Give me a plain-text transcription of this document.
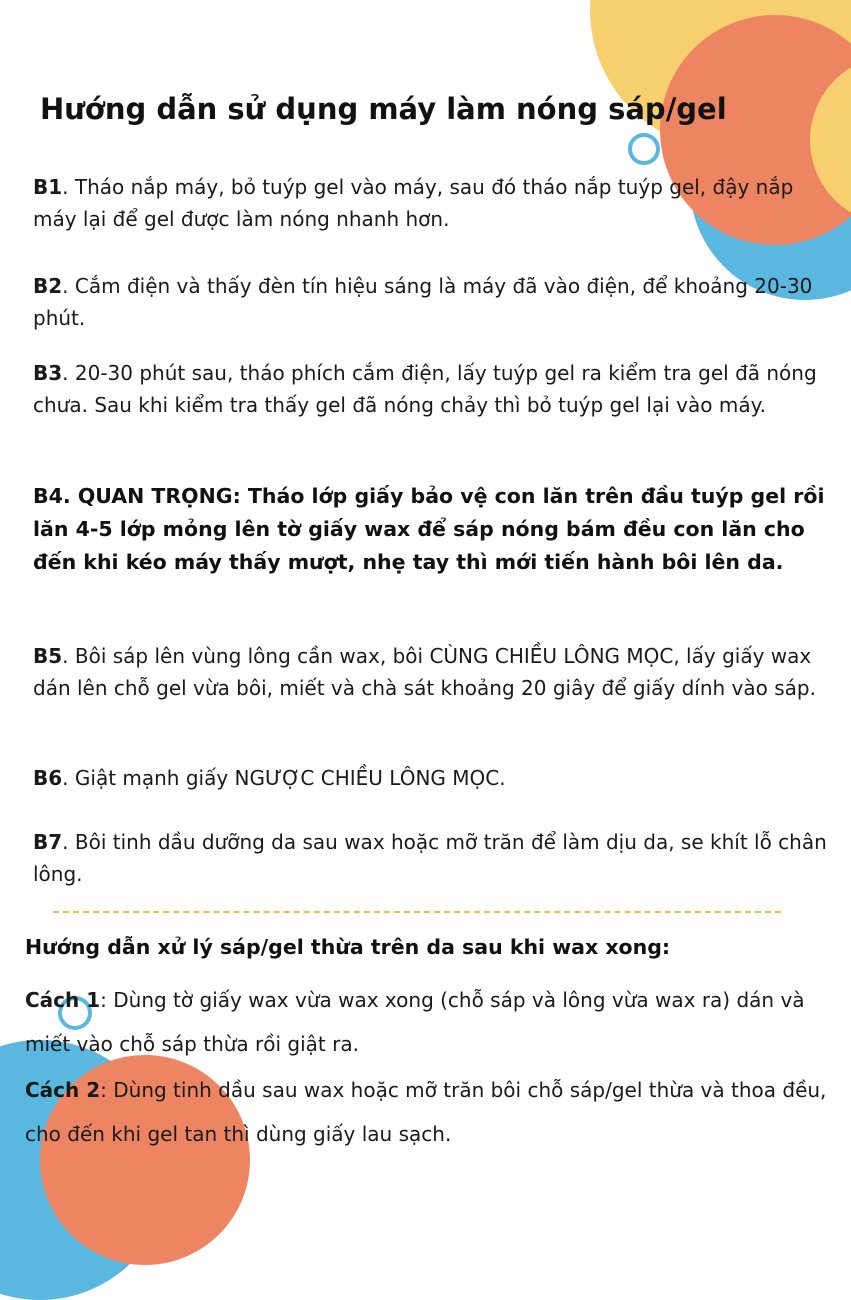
Hướng dẫn sử dụng máy làm nóng sáp/gel

B1. Tháo nắp máy, bỏ tuýp gel vào máy, sau đó tháo nắp tuýp gel, đậy nắp máy lại để gel được làm nóng nhanh hơn.

B2. Cắm điện và thấy đèn tín hiệu sáng là máy đã vào điện, để khoảng 20-30 phút.

B3. 20-30 phút sau, tháo phích cắm điện, lấy tuýp gel ra kiểm tra gel đã nóng chưa. Sau khi kiểm tra thấy gel đã nóng chảy thì bỏ tuýp gel lại vào máy.

B4. QUAN TRỌNG: Tháo lớp giấy bảo vệ con lăn trên đầu tuýp gel rồi lăn 4-5 lớp mỏng lên tờ giấy wax để sáp nóng bám đều con lăn cho đến khi kéo máy thấy mượt, nhẹ tay thì mới tiến hành bôi lên da.

B5. Bôi sáp lên vùng lông cần wax, bôi CÙNG CHIỀU LÔNG MỌC, lấy giấy wax dán lên chỗ gel vừa bôi, miết và chà sát khoảng 20 giây để giấy dính vào sáp.

B6. Giật mạnh giấy NGƯỢC CHIỀU LÔNG MỌC.

B7. Bôi tinh dầu dưỡng da sau wax hoặc mỡ trăn để làm dịu da, se khít lỗ chân lông.

Hướng dẫn xử lý sáp/gel thừa trên da sau khi wax xong:

Cách 1: Dùng tờ giấy wax vừa wax xong (chỗ sáp và lông vừa wax ra) dán và miết vào chỗ sáp thừa rồi giật ra.

Cách 2: Dùng tinh dầu sau wax hoặc mỡ trăn bôi chỗ sáp/gel thừa và thoa đều, cho đến khi gel tan thì dùng giấy lau sạch.
